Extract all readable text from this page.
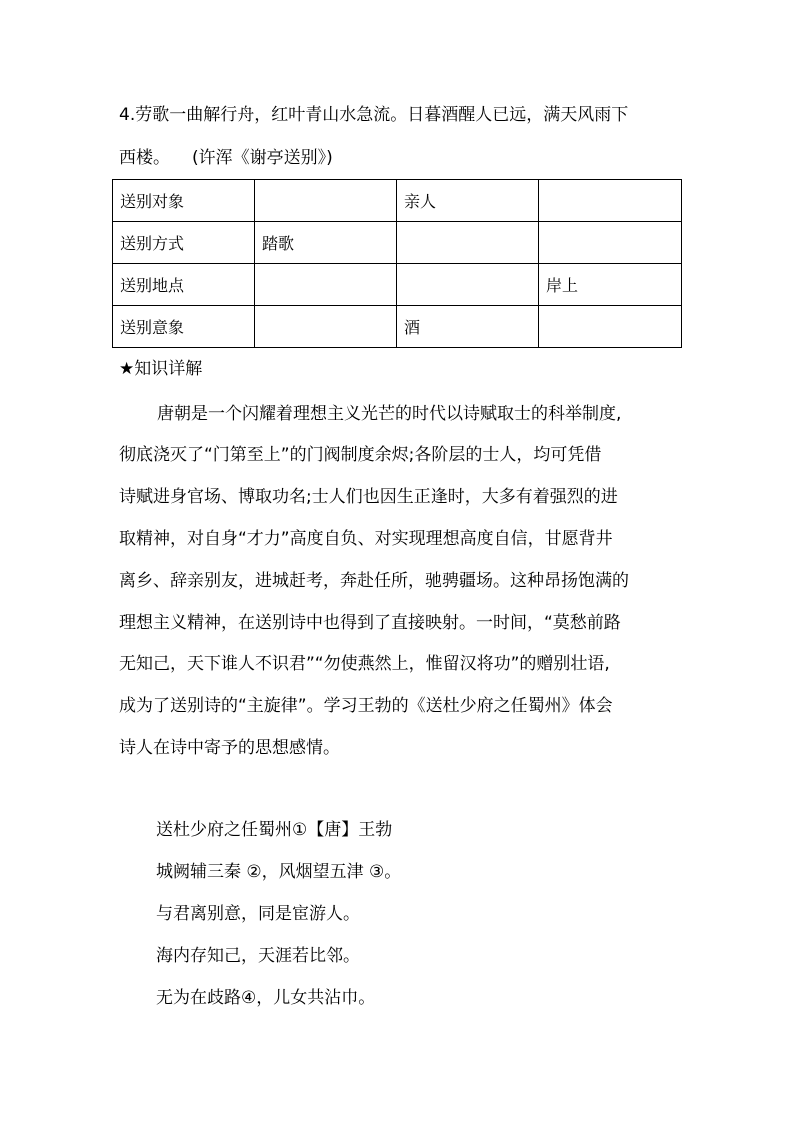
4.劳歌一曲解行舟，红叶青山水急流。日暮酒醒人已远，满天风雨下
西楼。 (许浑《谢亭送别》)
送别对象		亲人	
送别方式	踏歌		
送别地点			岸上
送别意象		酒	
★知识详解
唐朝是一个闪耀着理想主义光芒的时代以诗赋取士的科举制度,
彻底浇灭了“门第至上”的门阀制度余烬;各阶层的士人，均可凭借
诗赋进身官场、博取功名;士人们也因生正逢时，大多有着强烈的进
取精神，对自身“才力”高度自负、对实现理想高度自信，甘愿背井
离乡、辞亲别友，进城赶考，奔赴任所，驰骋疆场。这种昂扬饱满的
理想主义精神，在送别诗中也得到了直接映射。一时间，“莫愁前路
无知己，天下谁人不识君”“勿使燕然上，惟留汉将功”的赠别壮语,
成为了送别诗的“主旋律”。学习王勃的《送杜少府之任蜀州》体会
诗人在诗中寄予的思想感情。
送杜少府之任蜀州①【唐】王勃
城阙辅三秦 ②，风烟望五津 ③。
与君离别意，同是宦游人。
海内存知己，天涯若比邻。
无为在歧路④，儿女共沾巾。
